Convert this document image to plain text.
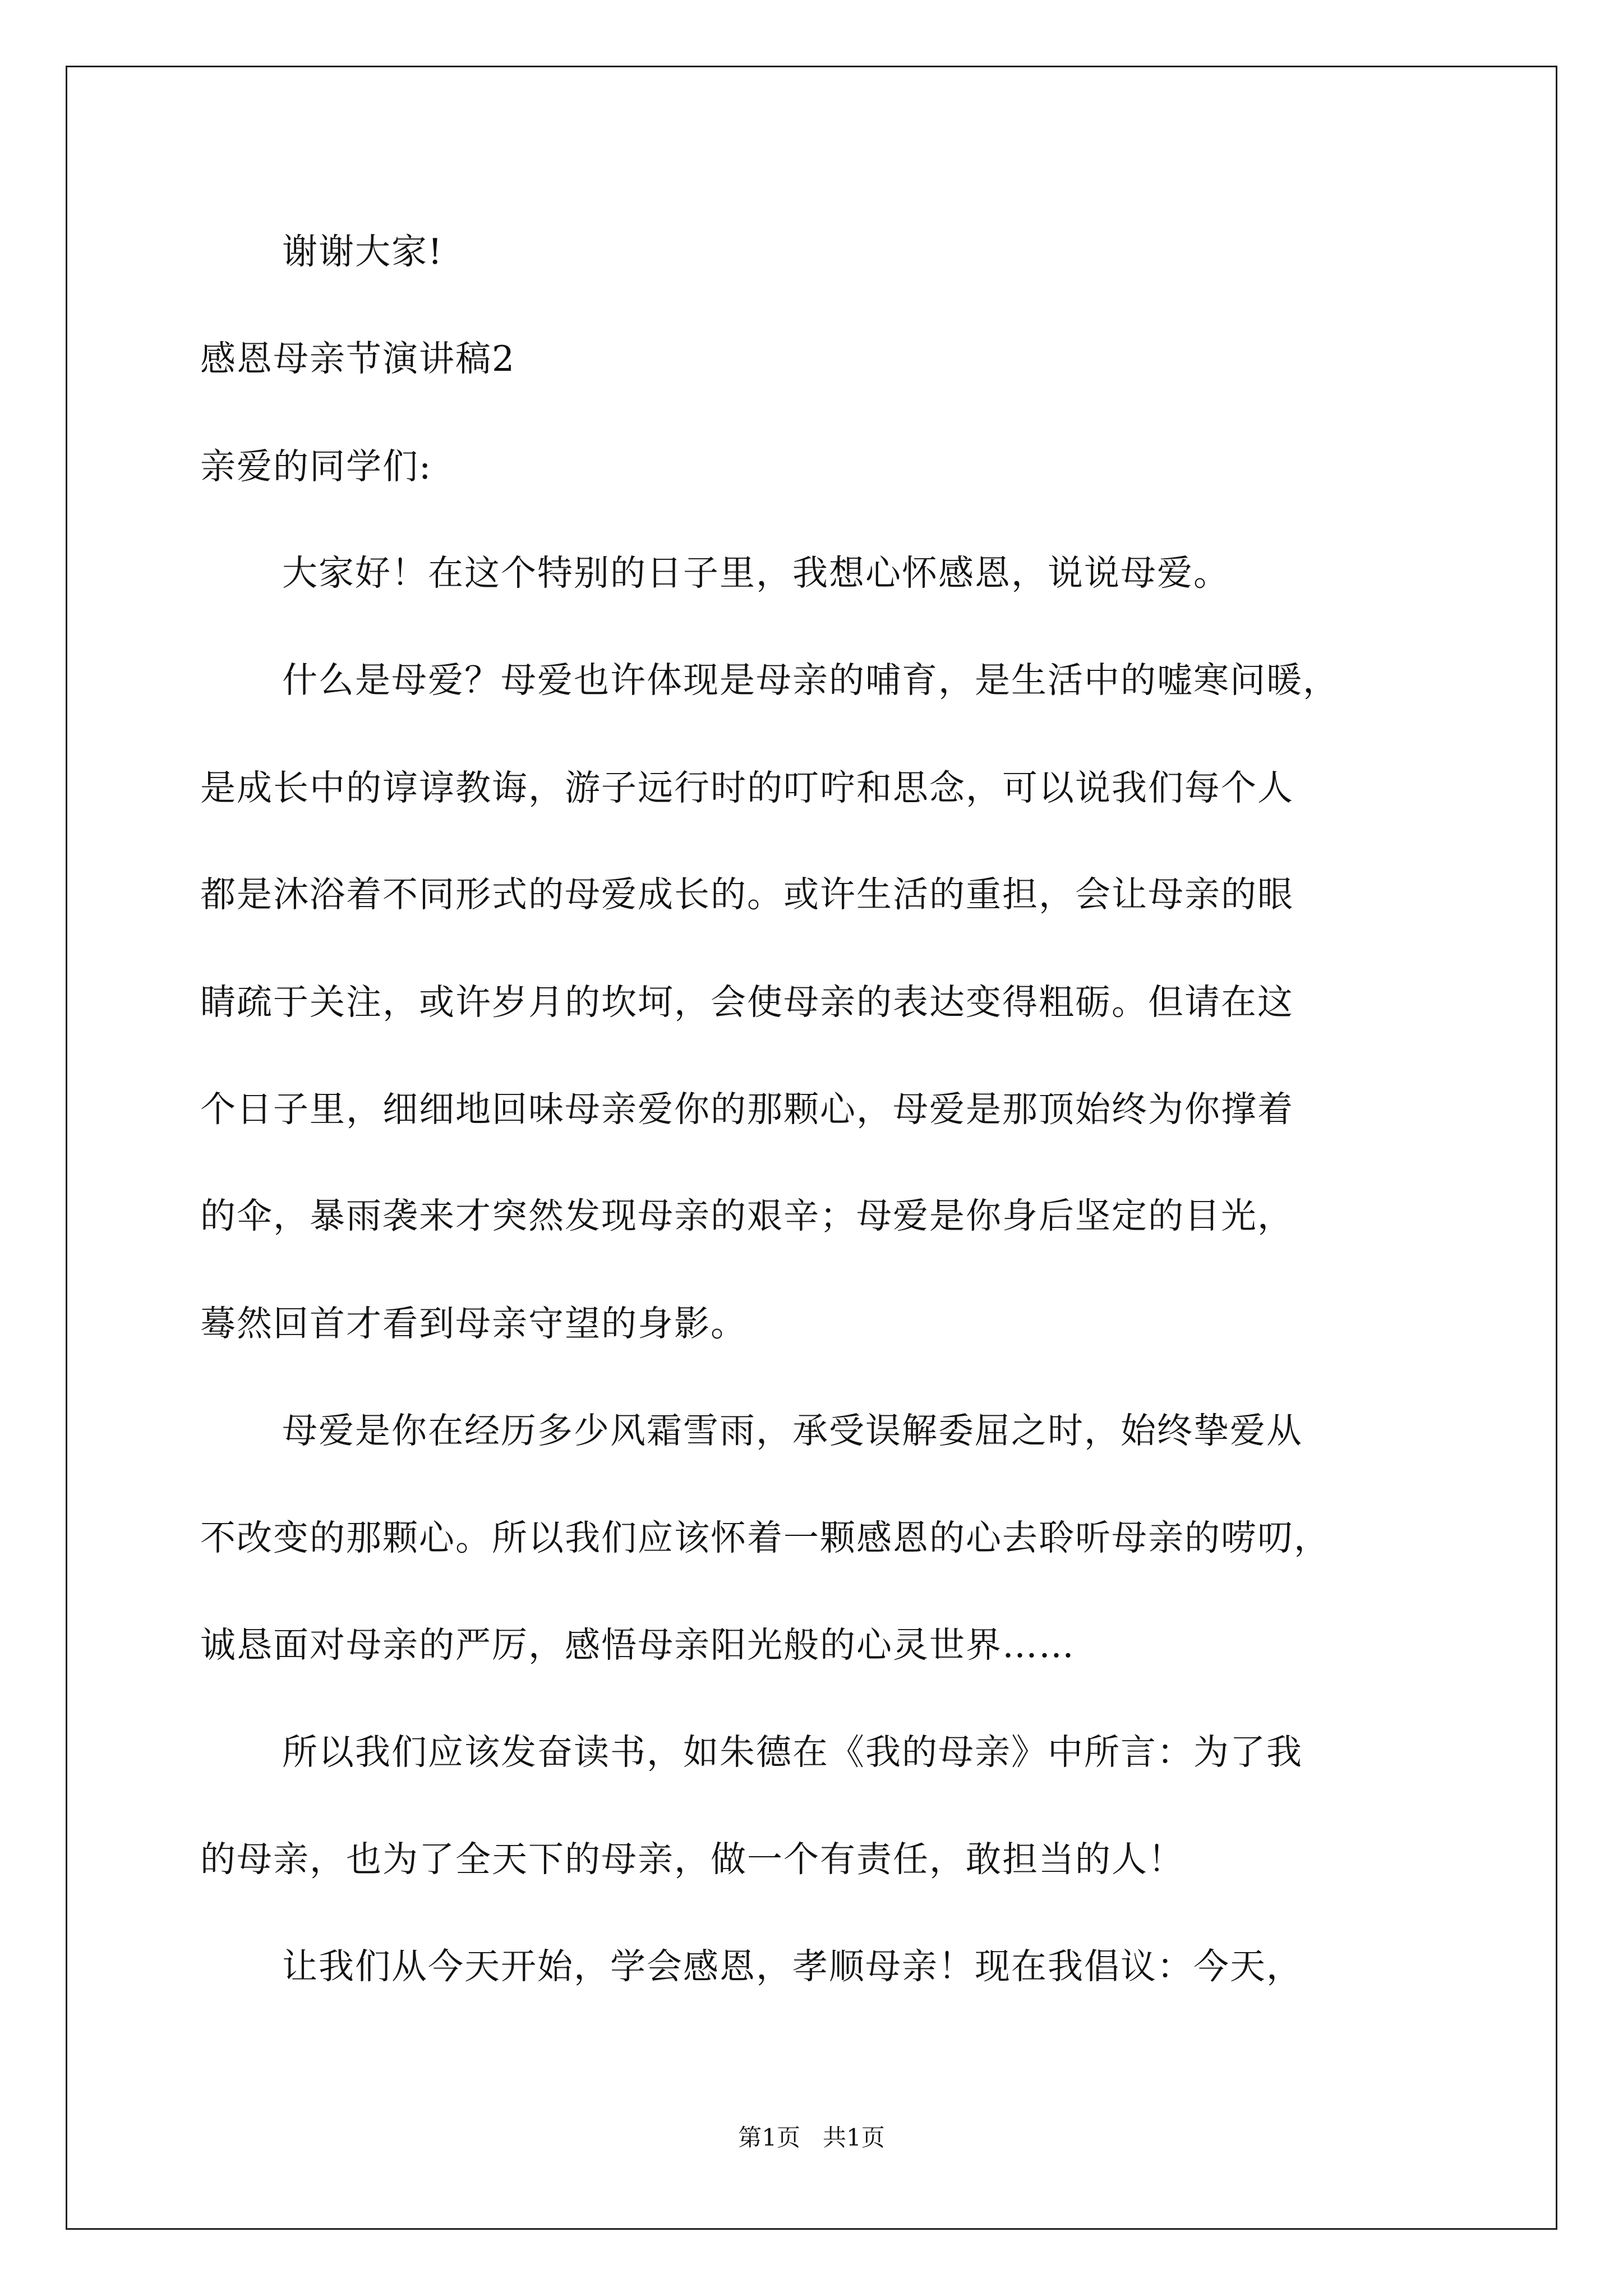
谢谢大家!
感恩母亲节演讲稿2
亲爱的同学们:
大家好！在这个特别的日子里，我想心怀感恩，说说母爱。
什么是母爱？母爱也许体现是母亲的哺育，是生活中的嘘寒问暖，
是成长中的谆谆教诲，游子远行时的叮咛和思念，可以说我们每个人
都是沐浴着不同形式的母爱成长的。或许生活的重担，会让母亲的眼
睛疏于关注，或许岁月的坎坷，会使母亲的表达变得粗砺。但请在这
个日子里，细细地回味母亲爱你的那颗心，母爱是那顶始终为你撑着
的伞，暴雨袭来才突然发现母亲的艰辛；母爱是你身后坚定的目光，
蓦然回首才看到母亲守望的身影。
母爱是你在经历多少风霜雪雨，承受误解委屈之时，始终挚爱从
不改变的那颗心。所以我们应该怀着一颗感恩的心去聆听母亲的唠叨，
诚恳面对母亲的严厉，感悟母亲阳光般的心灵世界……
所以我们应该发奋读书，如朱德在《我的母亲》中所言：为了我
的母亲，也为了全天下的母亲，做一个有责任，敢担当的人！
让我们从今天开始，学会感恩，孝顺母亲！现在我倡议：今天，
第1页   共1页
